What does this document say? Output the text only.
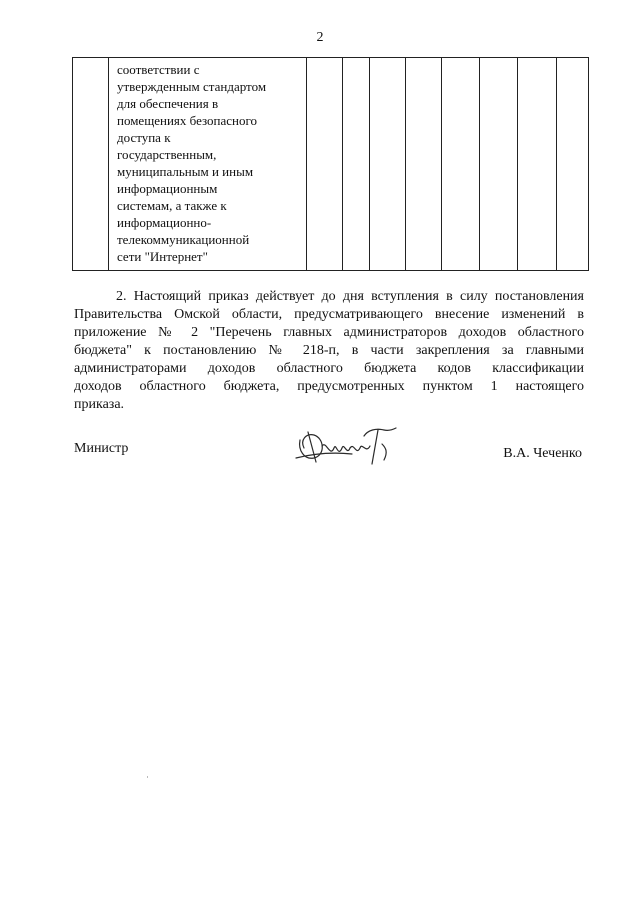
2

соответствии с
утвержденным стандартом
для обеспечения в
помещениях безопасного
доступа к
государственным,
муниципальным и иным
информационным
системам, а также к
информационно-
телекоммуникационной
сети "Интернет"

2. Настоящий приказ действует до дня вступления в силу постановления
Правительства Омской области, предусматривающего внесение изменений в
приложение № 2 "Перечень главных администраторов доходов областного
бюджета" к постановлению № 218-п, в части закрепления за главными
администраторами доходов областного бюджета кодов классификации
доходов областного бюджета, предусмотренных пунктом 1 настоящего
приказа.
Министр	В.А. Чеченко
